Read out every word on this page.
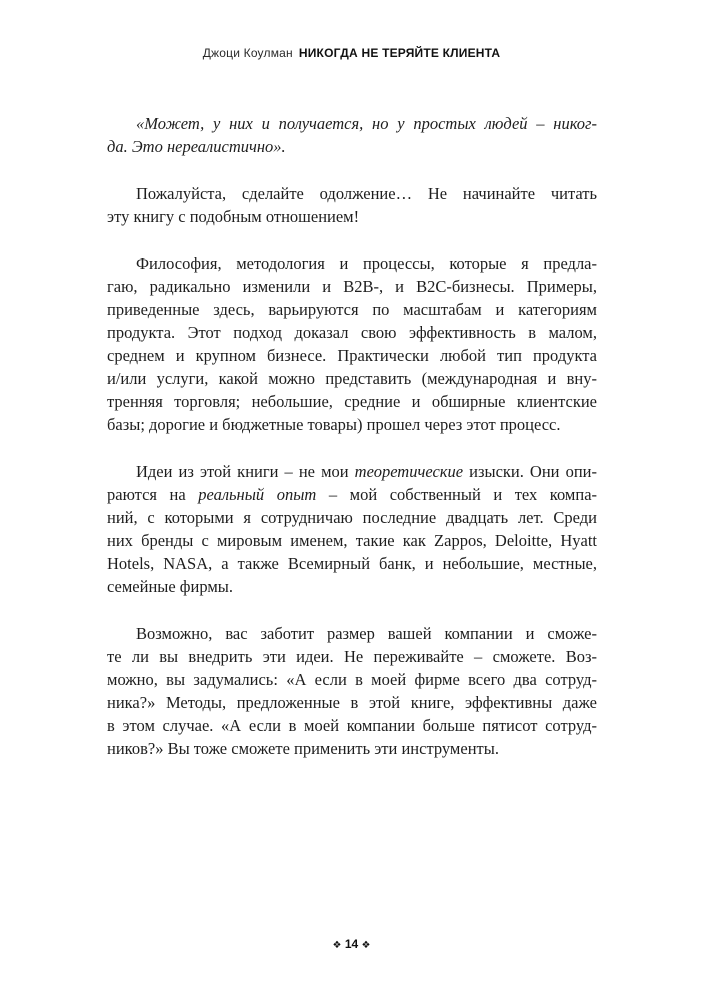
Джоци Коулман НИКОГДА НЕ ТЕРЯЙТЕ КЛИЕНТА
«Может, у них и получается, но у простых людей – никог-
да. Это нереалистично».
Пожалуйста, сделайте одолжение… Не начинайте читать
эту книгу с подобным отношением!
Философия, методология и процессы, которые я предла-
гаю, радикально изменили и B2B-, и B2C-бизнесы. Примеры,
приведенные здесь, варьируются по масштабам и категориям
продукта. Этот подход доказал свою эффективность в малом,
среднем и крупном бизнесе. Практически любой тип продукта
и/или услуги, какой можно представить (международная и вну-
тренняя торговля; небольшие, средние и обширные клиентские
базы; дорогие и бюджетные товары) прошел через этот процесс.
Идеи из этой книги – не мои теоретические изыски. Они опи-
раются на реальный опыт – мой собственный и тех компа-
ний, с которыми я сотрудничаю последние двадцать лет. Среди
них бренды с мировым именем, такие как Zappos, Deloitte, Hyatt
Hotels, NASA, а также Всемирный банк, и небольшие, местные,
семейные фирмы.
Возможно, вас заботит размер вашей компании и сможе-
те ли вы внедрить эти идеи. Не переживайте – сможете. Воз-
можно, вы задумались: «А если в моей фирме всего два сотруд-
ника?» Методы, предложенные в этой книге, эффективны даже
в этом случае. «А если в моей компании больше пятисот сотруд-
ников?» Вы тоже сможете применить эти инструменты.
❖ 14 ❖
